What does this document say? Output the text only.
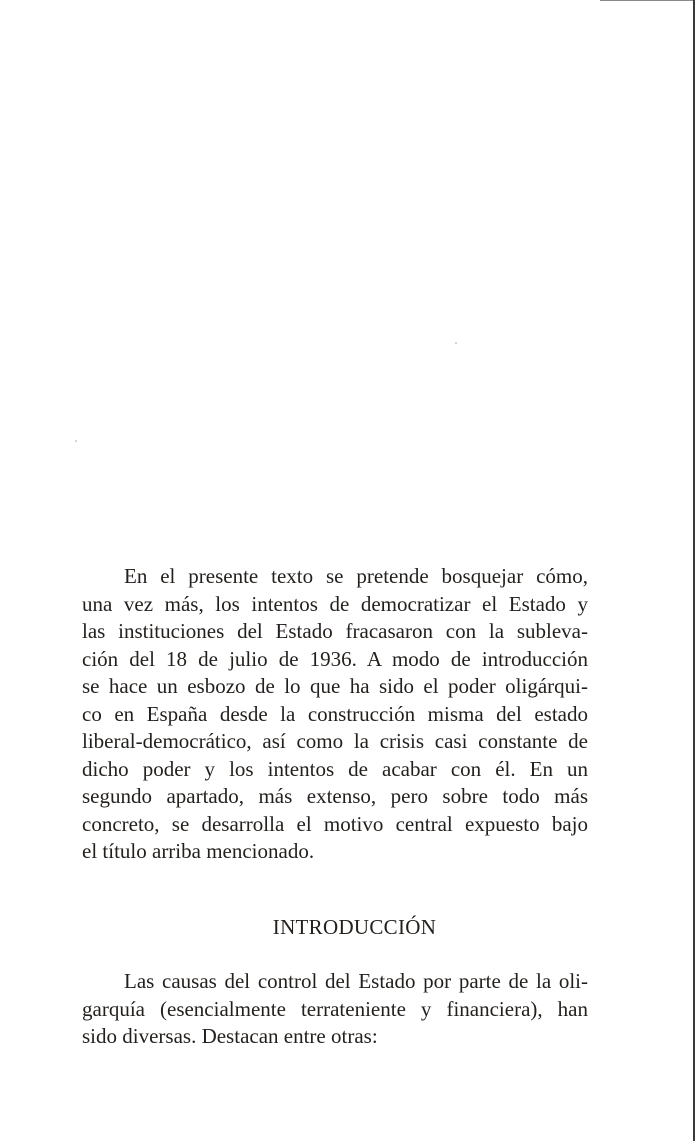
En el presente texto se pretende bosquejar cómo,
una vez más, los intentos de democratizar el Estado y
las instituciones del Estado fracasaron con la subleva-
ción del 18 de julio de 1936. A modo de introducción
se hace un esbozo de lo que ha sido el poder oligárqui-
co en España desde la construcción misma del estado
liberal-democrático, así como la crisis casi constante de
dicho poder y los intentos de acabar con él. En un
segundo apartado, más extenso, pero sobre todo más
concreto, se desarrolla el motivo central expuesto bajo
el título arriba mencionado.
INTRODUCCIÓN
Las causas del control del Estado por parte de la oli-
garquía (esencialmente terrateniente y financiera), han
sido diversas. Destacan entre otras:
